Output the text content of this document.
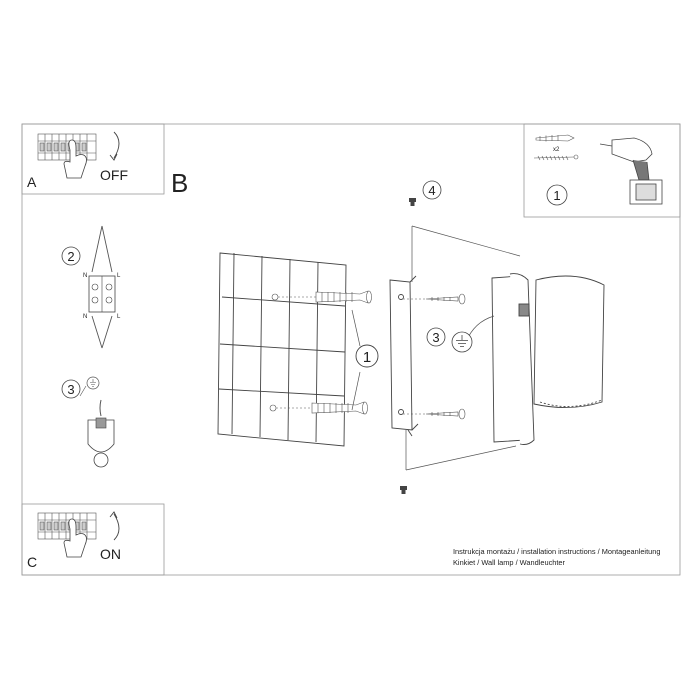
A	OFF
C	ON
2
N	L
N	L
3
B
x2
1
1
4
3
Instrukcja montażu / installation instructions / Montageanleitung
Kinkiet / Wall lamp / Wandleuchter
